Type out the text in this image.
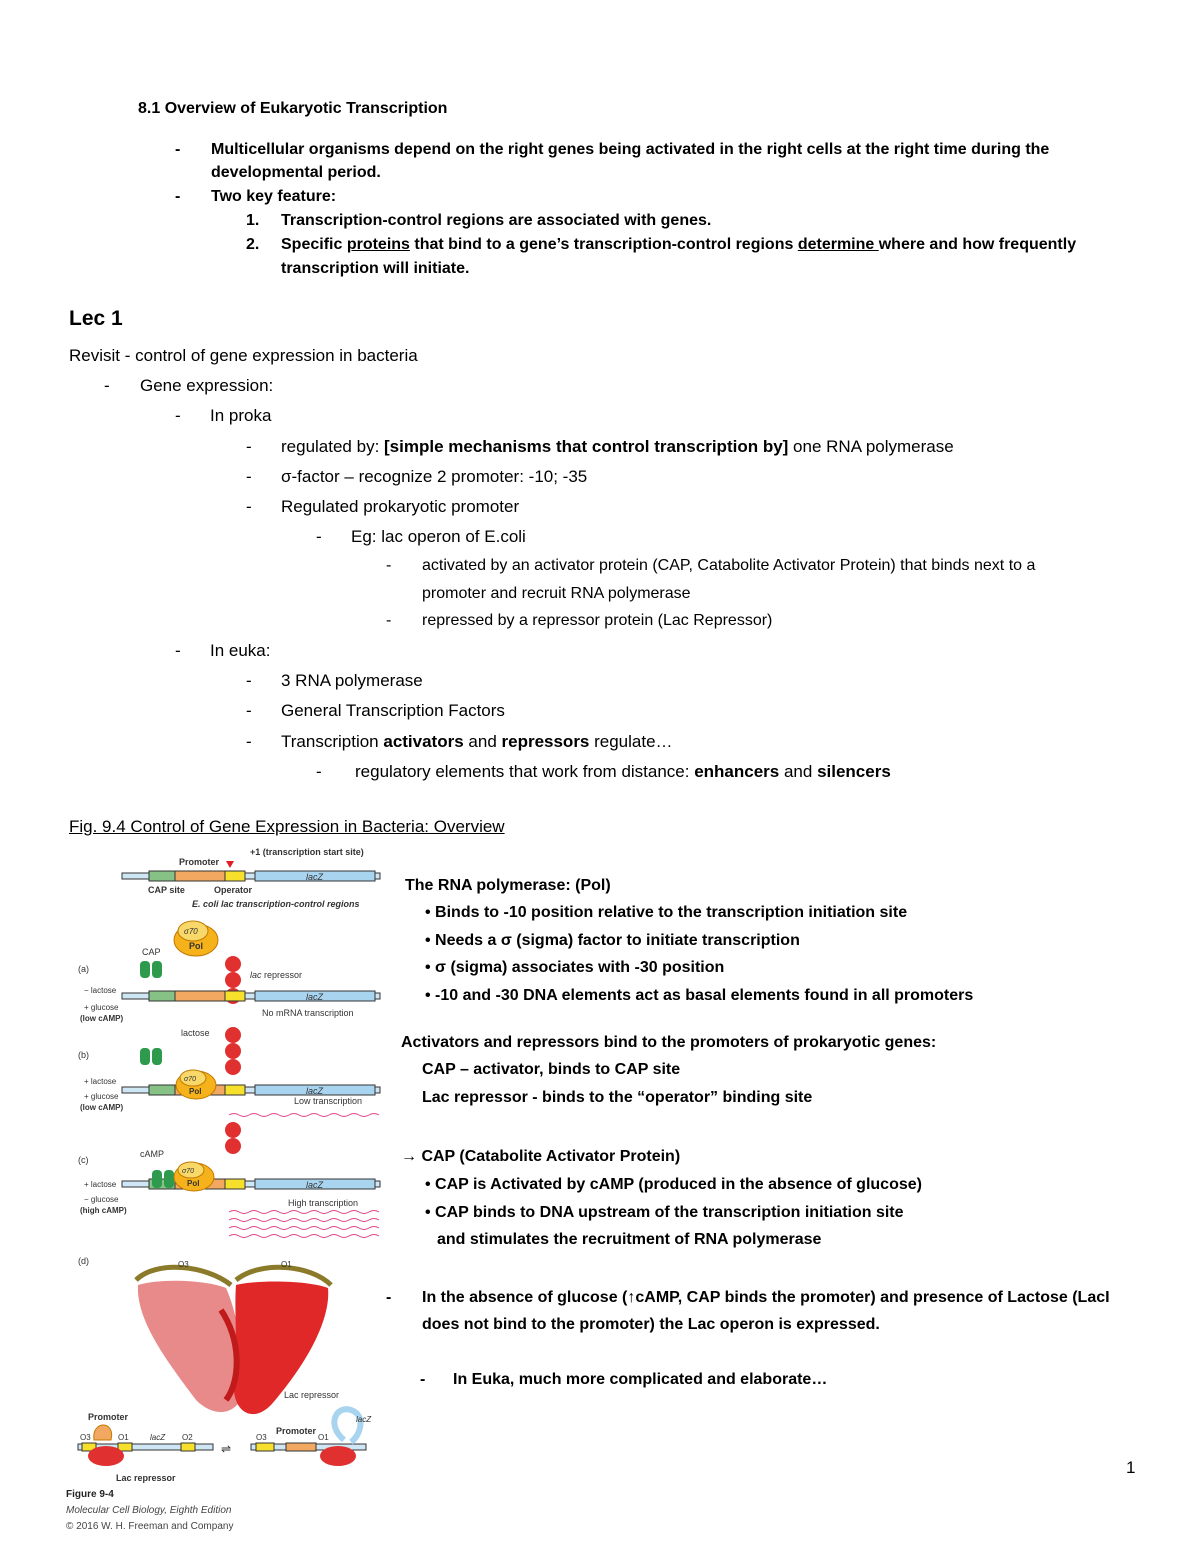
8.1 Overview of Eukaryotic Transcription
- Multicellular organisms depend on the right genes being activated in the right cells at the right time during the
developmental period.
- Two key feature:
1. Transcription-control regions are associated with genes.
2. Specific proteins that bind to a gene’s transcription-control regions determine where and how frequently
transcription will initiate.
Lec 1
Revisit - control of gene expression in bacteria
- Gene expression:
- In proka
- regulated by: [simple mechanisms that control transcription by] one RNA polymerase
- σ-factor – recognize 2 promoter: -10; -35
- Regulated prokaryotic promoter
- Eg: lac operon of E.coli
- activated by an activator protein (CAP, Catabolite Activator Protein) that binds next to a
promoter and recruit RNA polymerase
- repressed by a repressor protein (Lac Repressor)
- In euka:
- 3 RNA polymerase
- General Transcription Factors
- Transcription activators and repressors regulate…
- regulatory elements that work from distance: enhancers and silencers
Fig. 9.4 Control of Gene Expression in Bacteria: Overview
+1 (transcription start site)
Promoter
lacZ
CAP site	Operator
E. coli lac transcription-control regions
σ70
Pol
CAP
(a)
lac repressor
− lactose
lacZ
+ glucose
(low cAMP)
No mRNA transcription
lactose
(b)
lacZ
σ70
Pol
+ lactose
+ glucose
(low cAMP)
Low transcription
(c)
cAMP
+ lactose	lacZ
σ70
Pol
− glucose
(high cAMP)
High transcription
(d)	O3	O1
Lac repressor
Promoter
O3	O1	lacZ O2
Lac repressor
⇌
Promoter
O3	O1
lacZ
Figure 9-4
Molecular Cell Biology, Eighth Edition
© 2016 W. H. Freeman and Company
The RNA polymerase: (Pol)
• Binds to -10 position relative to the transcription initiation site
• Needs a σ (sigma) factor to initiate transcription
• σ (sigma) associates with -30 position
• -10 and -30 DNA elements act as basal elements found in all promoters
Activators and repressors bind to the promoters of prokaryotic genes:
CAP – activator, binds to CAP site
Lac repressor - binds to the “operator” binding site
→ CAP (Catabolite Activator Protein)
• CAP is Activated by cAMP (produced in the absence of glucose)
• CAP binds to DNA upstream of the transcription initiation site
and stimulates the recruitment of RNA polymerase
- In the absence of glucose (↑cAMP, CAP binds the promoter) and presence of Lactose (LacI
does not bind to the promoter) the Lac operon is expressed.
- In Euka, much more complicated and elaborate…
1
